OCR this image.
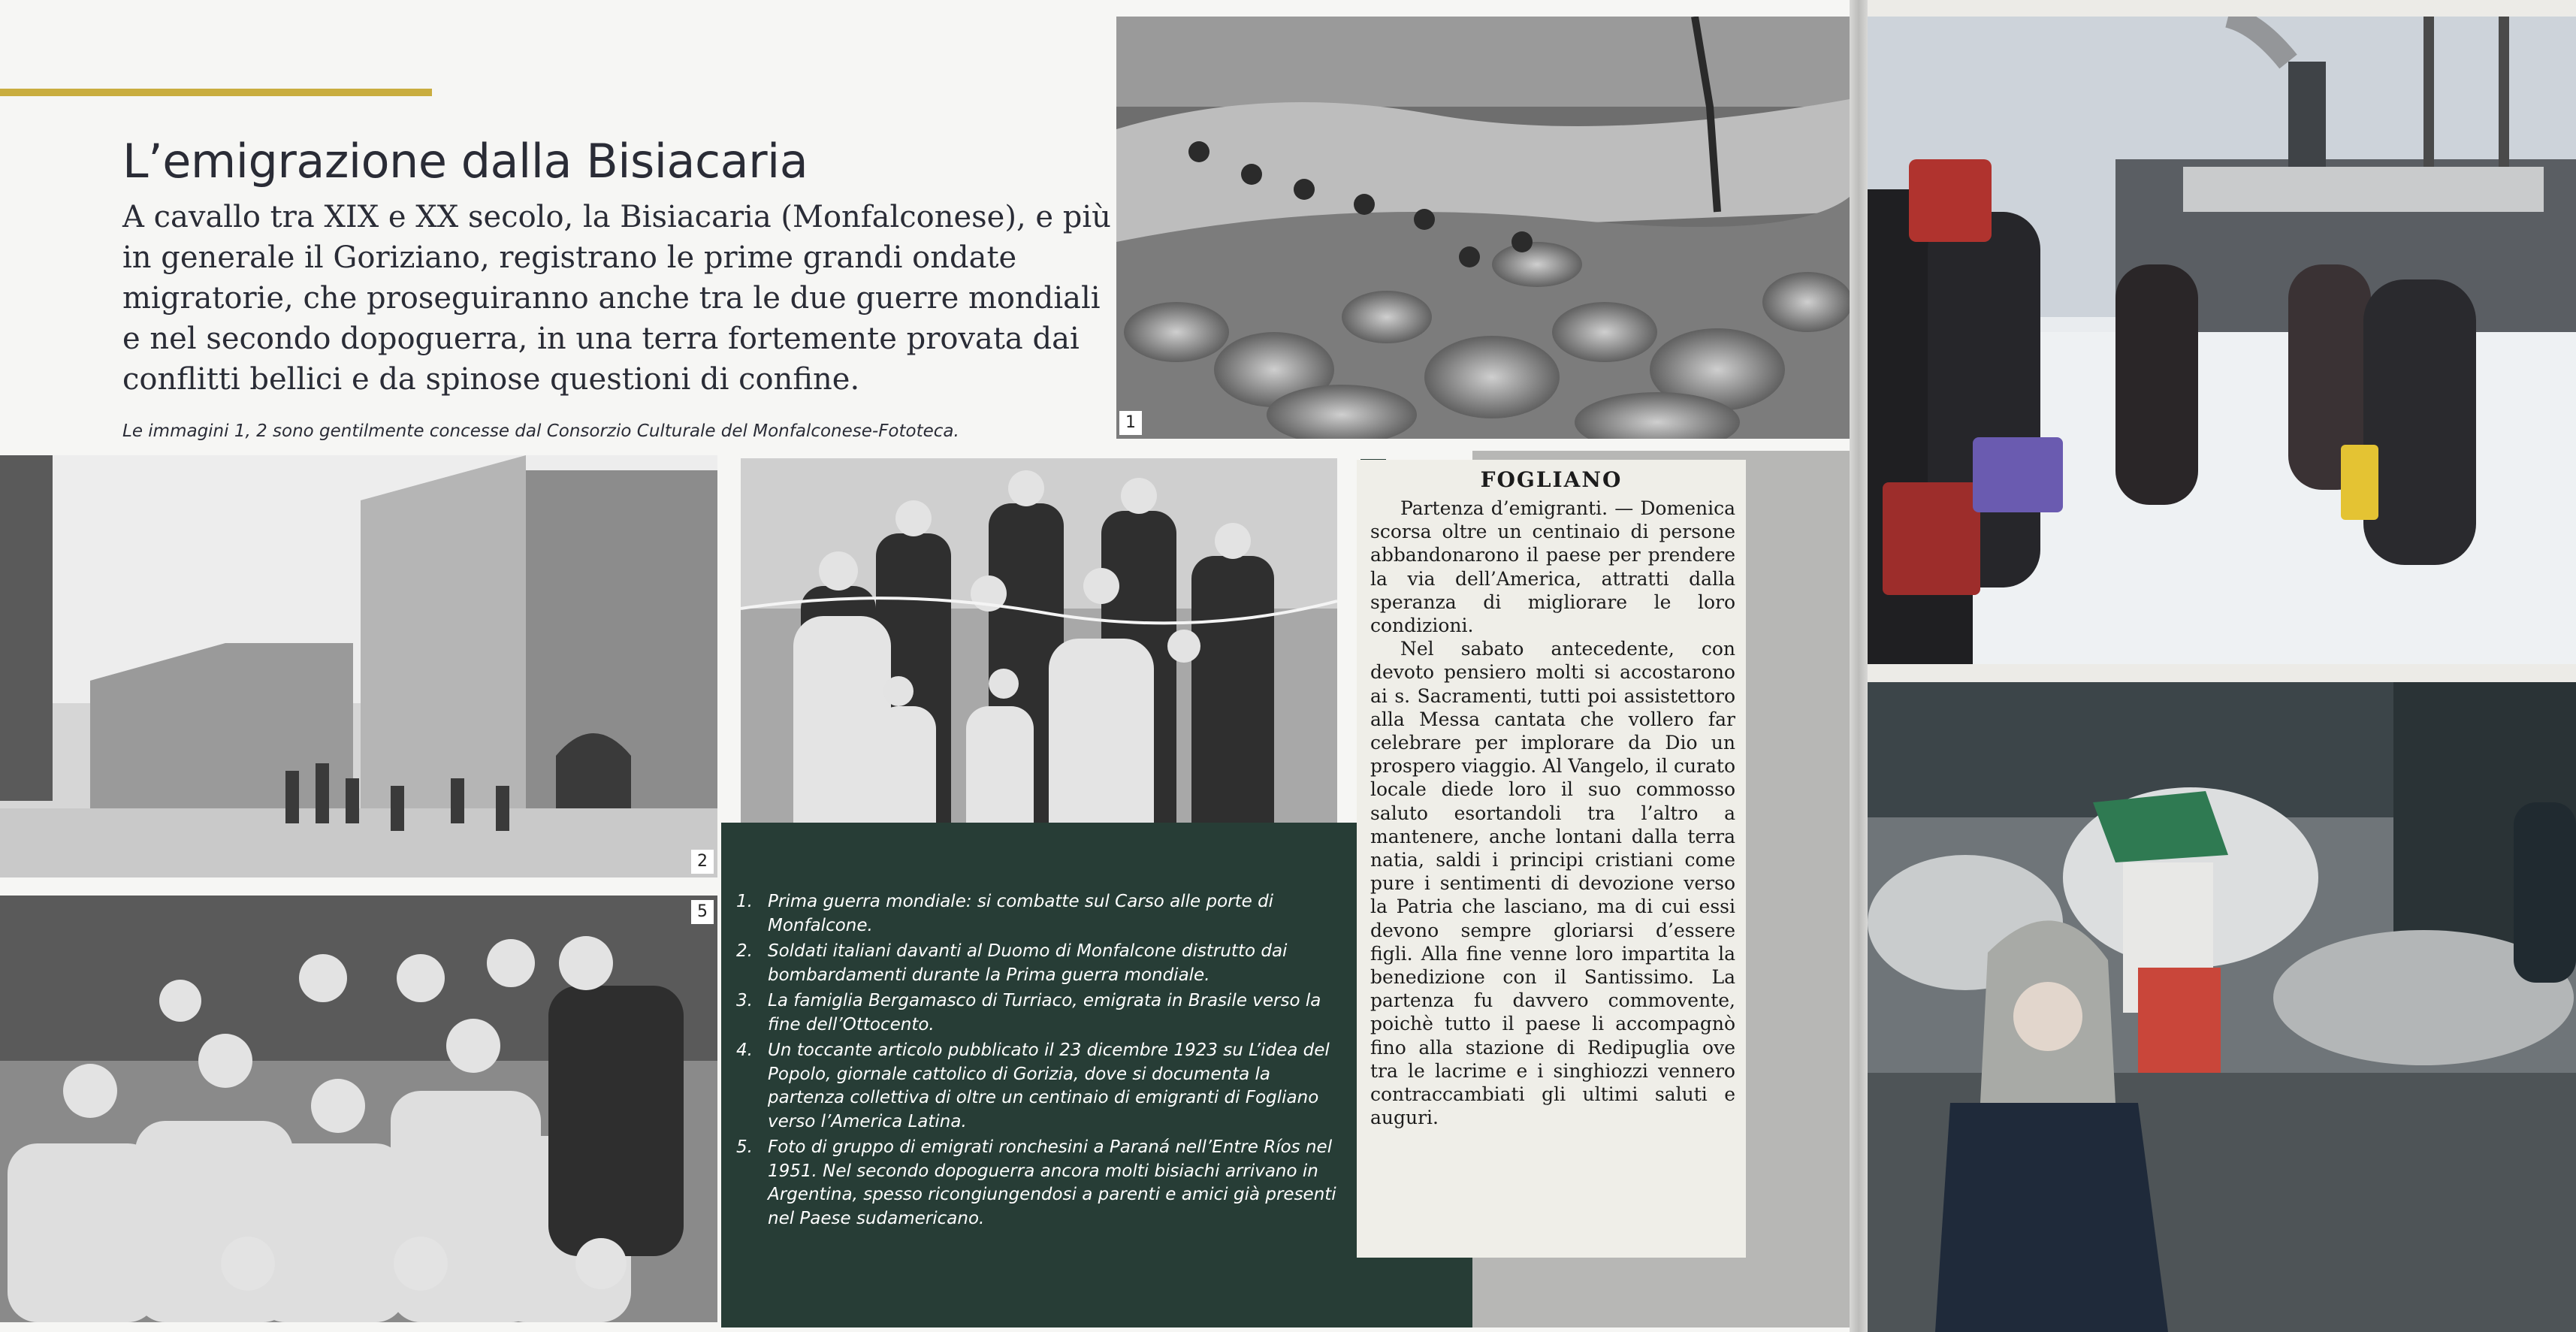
L’emigrazione dalla Bisiacaria

A cavallo tra XIX e XX secolo, la Bisiacaria (Monfalconese), e più in generale il Goriziano, registrano le prime grandi ondate migratorie, che proseguiranno anche tra le due guerre mondiali e nel secondo dopoguerra, in una terra fortemente provata dai conflitti bellici e da spinose questioni di confine.

Le immagini 1, 2 sono gentilmente concesse dal Consorzio Culturale del Monfalconese-Fototeca.	1
2
5
1. Prima guerra mondiale: si combatte sul Carso alle porte di Monfalcone.
2. Soldati italiani davanti al Duomo di Monfalcone distrutto dai bombardamenti durante la Prima guerra mondiale.
3. La famiglia Bergamasco di Turriaco, emigrata in Brasile verso la fine dell’Ottocento.
4. Un toccante articolo pubblicato il 23 dicembre 1923 su L’idea del Popolo, giornale cattolico di Gorizia, dove si documenta la partenza collettiva di oltre un centinaio di emigranti di Fogliano verso l’America Latina.
5. Foto di gruppo di emigrati ronchesini a Paraná nell’Entre Ríos nel 1951. Nel secondo dopoguerra ancora molti bisiachi arrivano in Argentina, spesso ricongiungendosi a parenti e amici già presenti nel Paese sudamericano.
FOGLIANO

Partenza d’emigranti. — Domenica scorsa oltre un centinaio di persone abbandonarono il paese per prendere la via dell’America, attratti dalla speranza di migliorare le loro condizioni.

Nel sabato antecedente, con devoto pensiero molti si accostarono ai s. Sacramenti, tutti poi assistettoro alla Messa cantata che vollero far celebrare per implorare da Dio un prospero viaggio. Al Vangelo, il curato locale diede loro il suo commosso saluto esortandoli tra l’altro a mantenere, anche lontani dalla terra natia, saldi i principi cristiani come pure i sentimenti di devozione verso la Patria che lasciano, ma di cui essi devono sempre gloriarsi d’essere figli. Alla fine venne loro impartita la benedizione con il Santissimo. La partenza fu davvero commovente, poichè tutto il paese li accompagnò fino alla stazione di Redipuglia ove tra le lacrime e i singhiozzi vennero contraccambiati gli ultimi saluti e auguri.
